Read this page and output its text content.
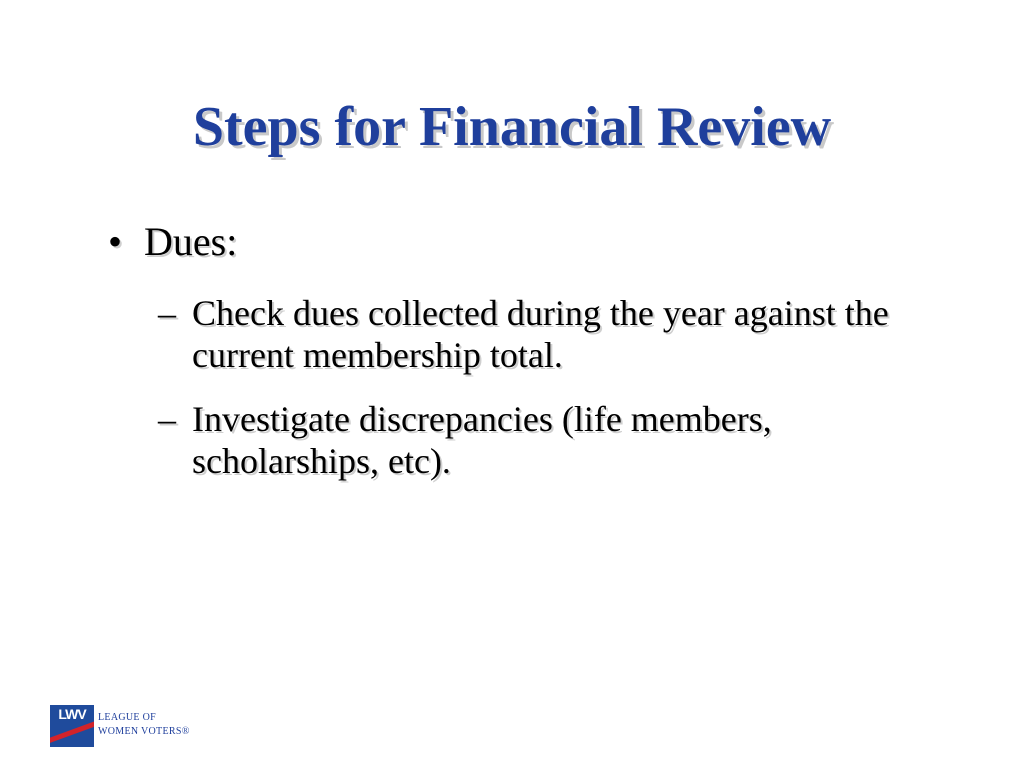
Steps for Financial Review
• Dues:
– Check dues collected during the year against the current membership total.
– Investigate discrepancies (life members, scholarships, etc).
LWV	LEAGUE OF
WOMEN VOTERS®
